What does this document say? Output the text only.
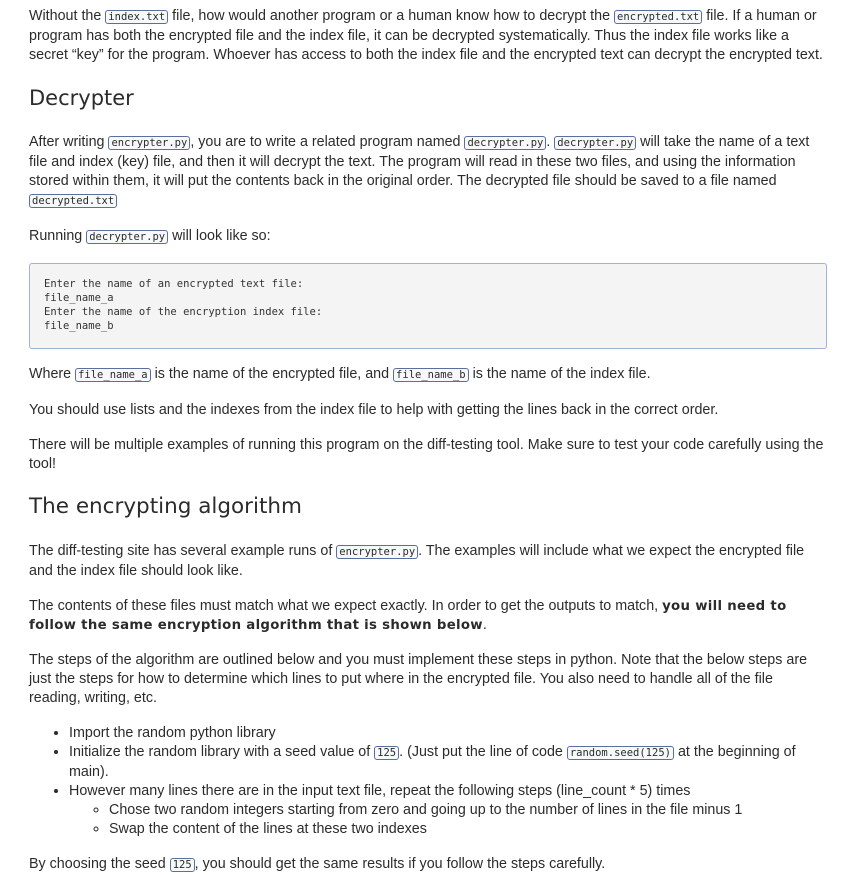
Without the index.txt file, how would another program or a human know how to decrypt the encrypted.txt file. If a human or program has both the encrypted file and the index file, it can be decrypted systematically. Thus the index file works like a secret “key” for the program. Whoever has access to both the index file and the encrypted text can decrypt the encrypted text.

Decrypter

After writing encrypter.py , you are to write a related program named decrypter.py . decrypter.py will take the name of a text file and index (key) file, and then it will decrypt the text. The program will read in these two files, and using the information stored within them, it will put the contents back in the original order. The decrypted file should be saved to a file named decrypted.txt

Running decrypter.py will look like so:

Enter the name of an encrypted text file:
file_name_a
Enter the name of the encryption index file:
file_name_b

Where file_name_a is the name of the encrypted file, and file_name_b is the name of the index file.

You should use lists and the indexes from the index file to help with getting the lines back in the correct order.

There will be multiple examples of running this program on the diff-testing tool. Make sure to test your code carefully using the tool!

The encrypting algorithm

The diff-testing site has several example runs of encrypter.py . The examples will include what we expect the encrypted file and the index file should look like.

The contents of these files must match what we expect exactly. In order to get the outputs to match, you will need to follow the same encryption algorithm that is shown below.

The steps of the algorithm are outlined below and you must implement these steps in python. Note that the below steps are just the steps for how to determine which lines to put where in the encrypted file. You also need to handle all of the file reading, writing, etc.

• Import the random python library
• Initialize the random library with a seed value of 125 . (Just put the line of code random.seed(125) at the beginning of main).
• However many lines there are in the input text file, repeat the following steps (line_count * 5) times
◦ Chose two random integers starting from zero and going up to the number of lines in the file minus 1
◦ Swap the content of the lines at these two indexes

By choosing the seed 125 , you should get the same results if you follow the steps carefully.
